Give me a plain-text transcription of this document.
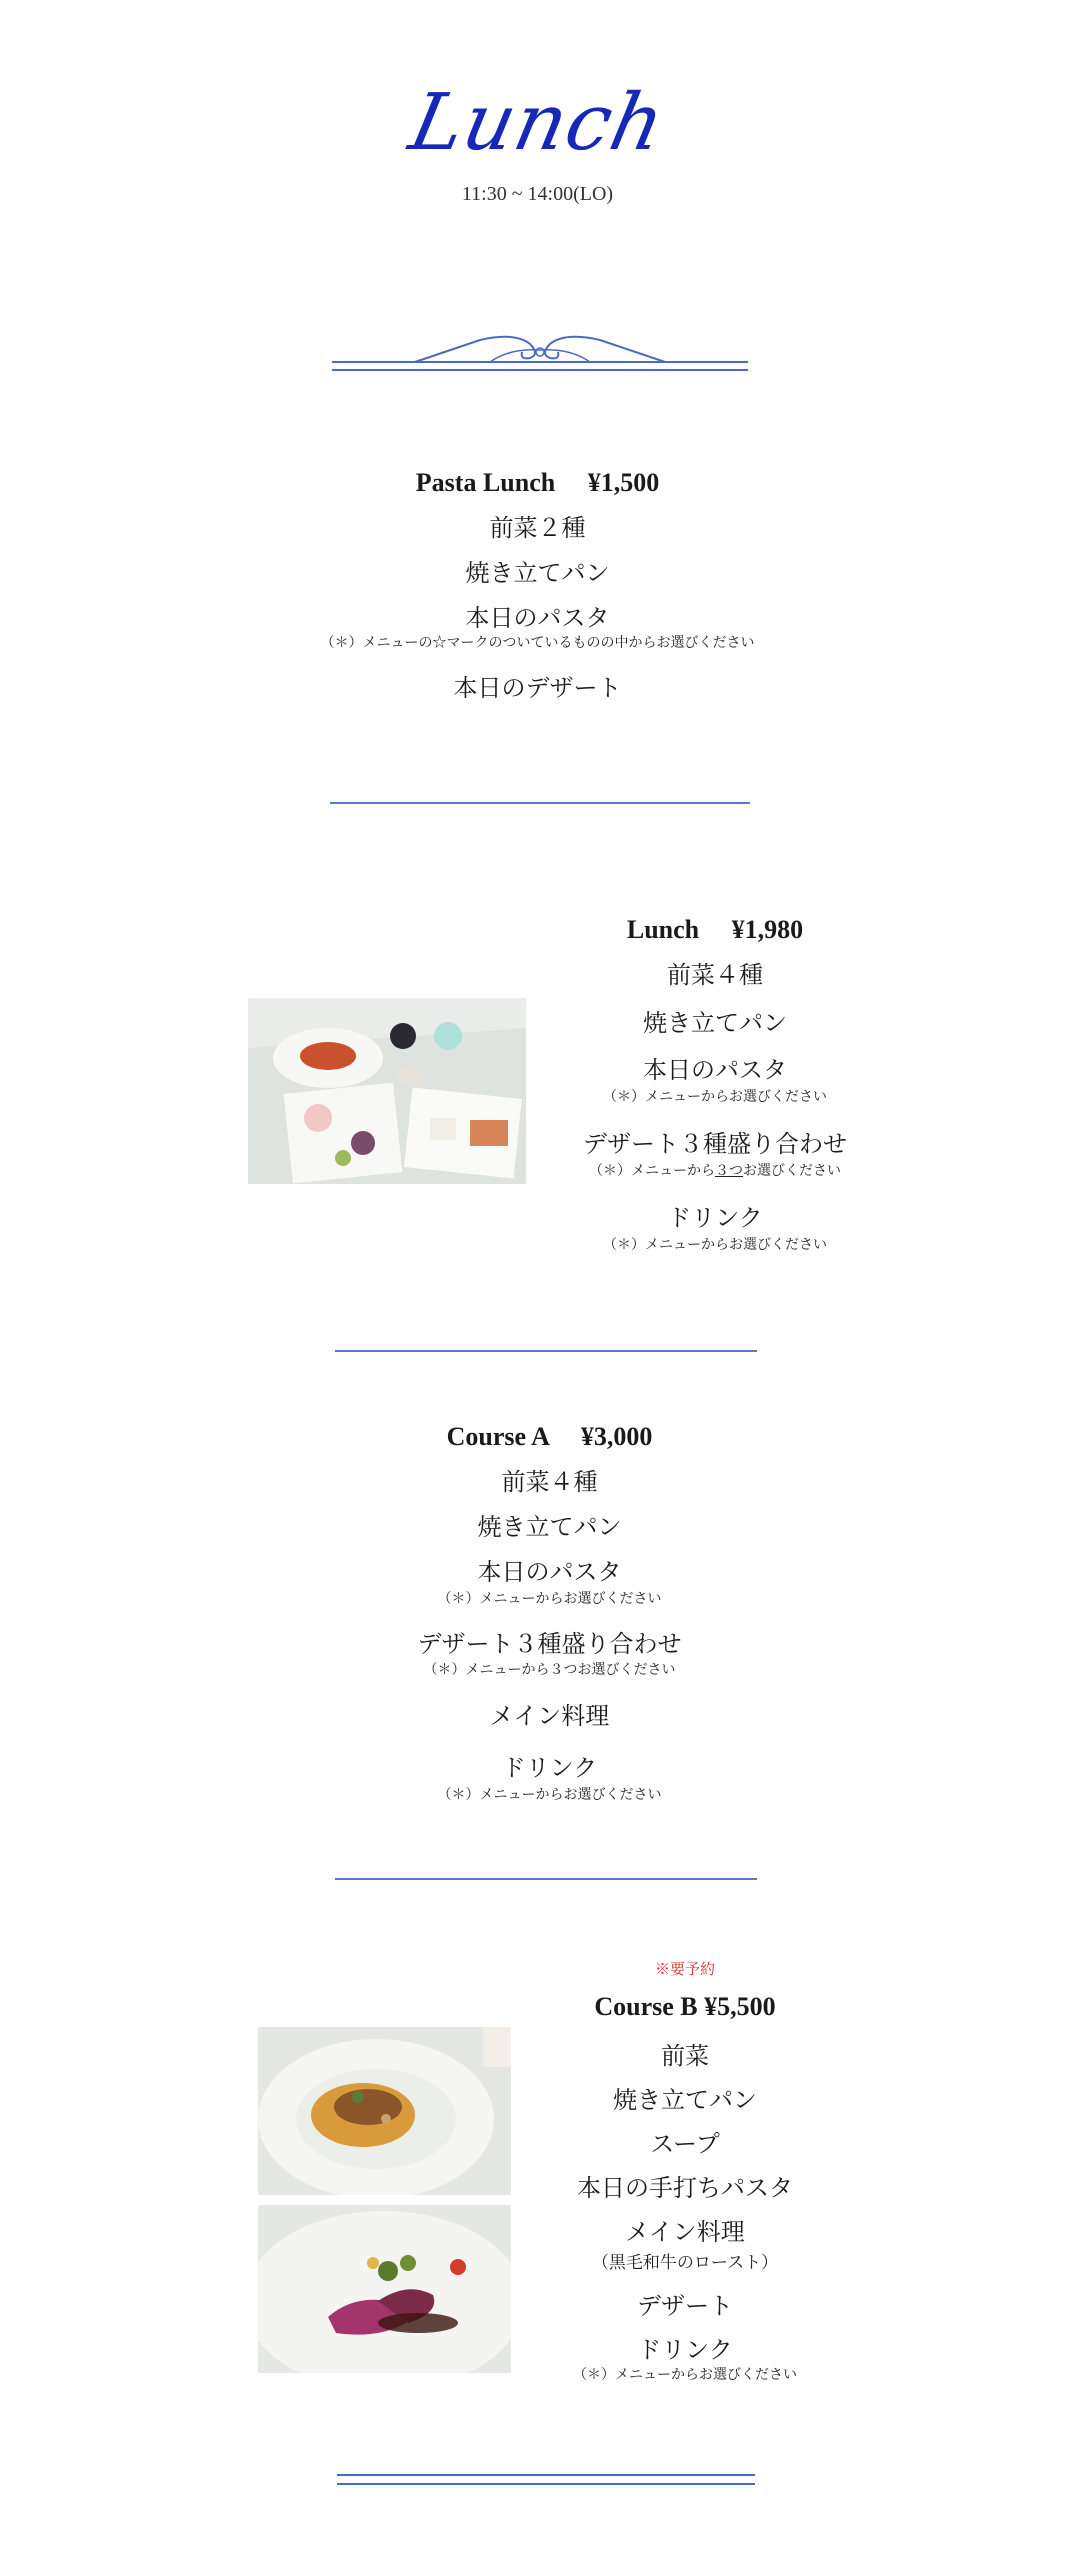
Lunch
11:30 ~ 14:00(LO)
Pasta Lunch　 ¥1,500
前菜２種
焼き立てパン
本日のパスタ
（＊）メニューの☆マークのついているものの中からお選びください
本日のデザート
Lunch　 ¥1,980
前菜４種
焼き立てパン
本日のパスタ
（＊）メニューからお選びください
デザート３種盛り合わせ
（＊）メニューから３つお選びください
ドリンク
（＊）メニューからお選びください
Course A　 ¥3,000
前菜４種
焼き立てパン
本日のパスタ
（＊）メニューからお選びください
デザート３種盛り合わせ
（＊）メニューから３つお選びください
メイン料理
ドリンク
（＊）メニューからお選びください
※要予約
Course B ¥5,500
前菜
焼き立てパン
スープ
本日の手打ちパスタ
メイン料理
（黒毛和牛のロースト）
デザート
ドリンク
（＊）メニューからお選びください
